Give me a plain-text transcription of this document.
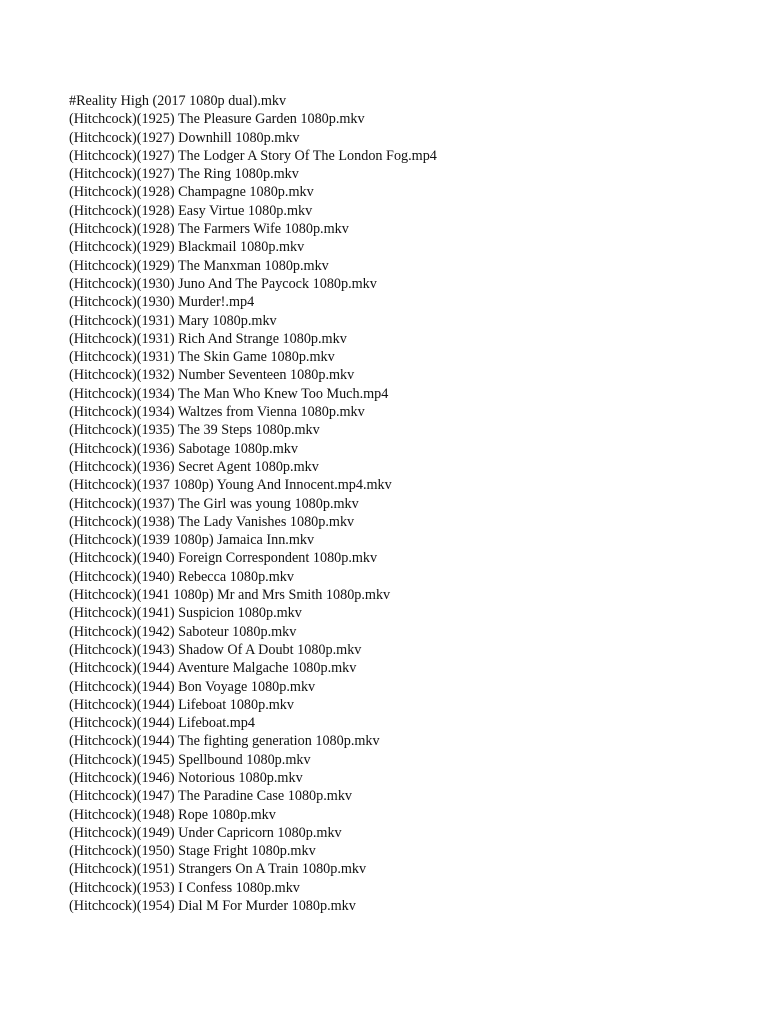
#Reality High (2017 1080p dual).mkv
(Hitchcock)(1925) The Pleasure Garden 1080p.mkv
(Hitchcock)(1927) Downhill 1080p.mkv
(Hitchcock)(1927) The Lodger A Story Of The London Fog.mp4
(Hitchcock)(1927) The Ring 1080p.mkv
(Hitchcock)(1928) Champagne 1080p.mkv
(Hitchcock)(1928) Easy Virtue 1080p.mkv
(Hitchcock)(1928) The Farmers Wife 1080p.mkv
(Hitchcock)(1929) Blackmail 1080p.mkv
(Hitchcock)(1929) The Manxman 1080p.mkv
(Hitchcock)(1930) Juno And The Paycock 1080p.mkv
(Hitchcock)(1930) Murder!.mp4
(Hitchcock)(1931) Mary 1080p.mkv
(Hitchcock)(1931) Rich And Strange 1080p.mkv
(Hitchcock)(1931) The Skin Game 1080p.mkv
(Hitchcock)(1932) Number Seventeen 1080p.mkv
(Hitchcock)(1934) The Man Who Knew Too Much.mp4
(Hitchcock)(1934) Waltzes from Vienna 1080p.mkv
(Hitchcock)(1935) The 39 Steps 1080p.mkv
(Hitchcock)(1936) Sabotage 1080p.mkv
(Hitchcock)(1936) Secret Agent 1080p.mkv
(Hitchcock)(1937 1080p) Young And Innocent.mp4.mkv
(Hitchcock)(1937) The Girl was young 1080p.mkv
(Hitchcock)(1938) The Lady Vanishes 1080p.mkv
(Hitchcock)(1939 1080p) Jamaica Inn.mkv
(Hitchcock)(1940) Foreign Correspondent 1080p.mkv
(Hitchcock)(1940) Rebecca 1080p.mkv
(Hitchcock)(1941 1080p) Mr and Mrs Smith 1080p.mkv
(Hitchcock)(1941) Suspicion 1080p.mkv
(Hitchcock)(1942) Saboteur 1080p.mkv
(Hitchcock)(1943) Shadow Of A Doubt 1080p.mkv
(Hitchcock)(1944) Aventure Malgache 1080p.mkv
(Hitchcock)(1944) Bon Voyage 1080p.mkv
(Hitchcock)(1944) Lifeboat 1080p.mkv
(Hitchcock)(1944) Lifeboat.mp4
(Hitchcock)(1944) The fighting generation 1080p.mkv
(Hitchcock)(1945) Spellbound 1080p.mkv
(Hitchcock)(1946) Notorious 1080p.mkv
(Hitchcock)(1947) The Paradine Case 1080p.mkv
(Hitchcock)(1948) Rope 1080p.mkv
(Hitchcock)(1949) Under Capricorn 1080p.mkv
(Hitchcock)(1950) Stage Fright 1080p.mkv
(Hitchcock)(1951) Strangers On A Train 1080p.mkv
(Hitchcock)(1953) I Confess 1080p.mkv
(Hitchcock)(1954) Dial M For Murder 1080p.mkv
